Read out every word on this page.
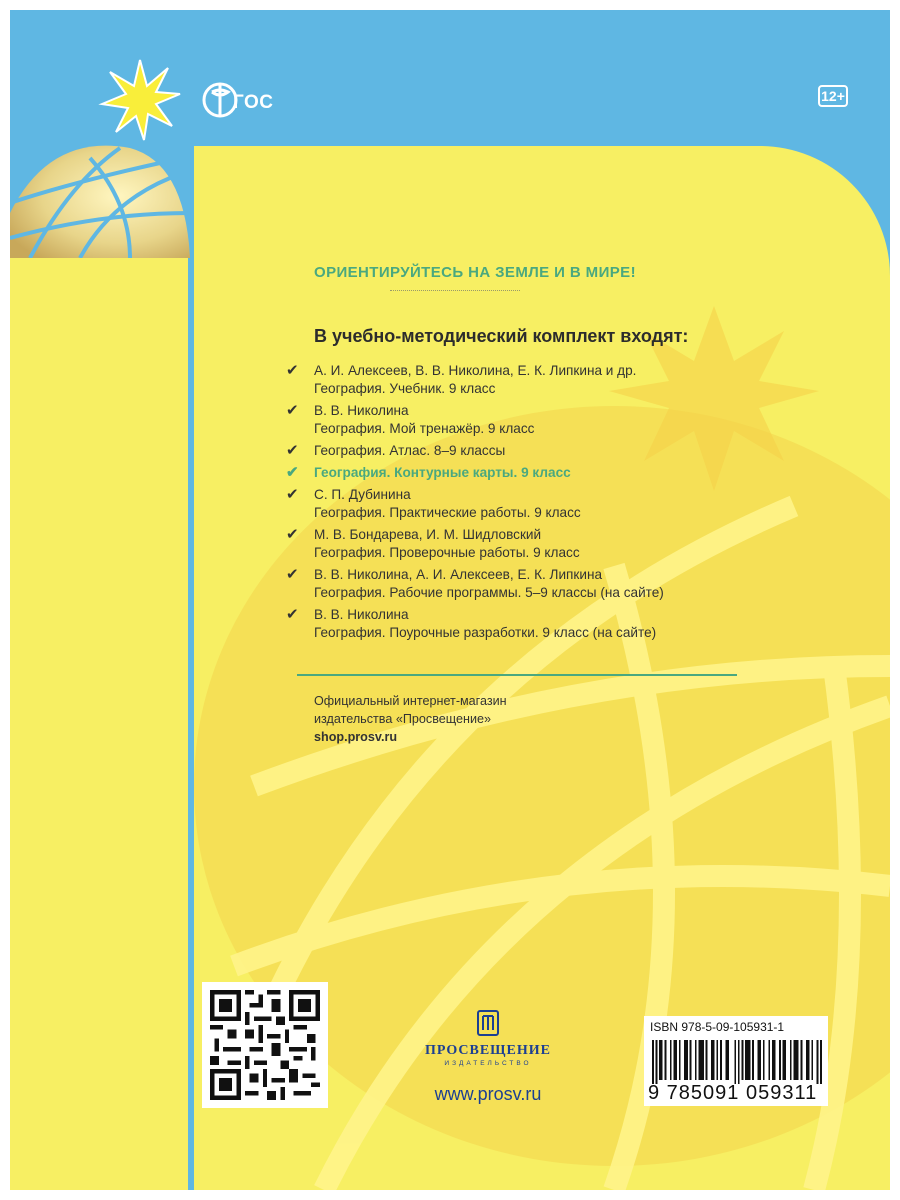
ГОС	12+
ОРИЕНТИРУЙТЕСЬ НА ЗЕМЛЕ И В МИРЕ!
В учебно-методический комплект входят:
✔ А. И. Алексеев, В. В. Николина, Е. К. Липкина и др.
География. Учебник. 9 класс
✔ В. В. Николина
География. Мой тренажёр. 9 класс
✔ География. Атлас. 8–9 классы
✔ География. Контурные карты. 9 класс
✔ С. П. Дубинина
География. Практические работы. 9 класс
✔ М. В. Бондарева, И. М. Шидловский
География. Проверочные работы. 9 класс
✔ В. В. Николина, А. И. Алексеев, Е. К. Липкина
География. Рабочие программы. 5–9 классы (на сайте)
✔ В. В. Николина
География. Поурочные разработки. 9 класс (на сайте)
Официальный интернет-магазин
издательства «Просвещение»
shop.prosv.ru
ПРОСВЕЩЕНИЕ
ИЗДАТЕЛЬСТВО
www.prosv.ru
ISBN 978-5-09-105931-1
9 785091 059311
